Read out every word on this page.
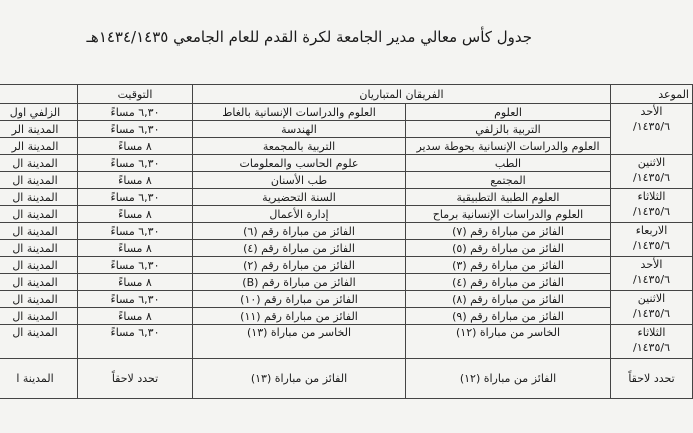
جدول كأس معالي مدير الجامعة لكرة القدم للعام الجامعي ١٤٣٤/١٤٣٥هـ
الموعد	الفريقان المتباريان		التوقيت	

الأحد
١٤٣٥/٦/	العلوم	العلوم والدراسات الإنسانية بالغاط	٦,٣٠ مساءً	الزلفي اول
	التربية بالزلفي	الهندسة	٦,٣٠ مساءً	المدينة الر
	العلوم والدراسات الإنسانية بحوطة سدير	التربية بالمجمعة	٨ مساءً	المدينة الر

الاثنين
١٤٣٥/٦/	الطب	علوم الحاسب والمعلومات	٦,٣٠ مساءً	المدينة ال
	المجتمع	طب الأسنان	٨ مساءً	المدينة ال

الثلاثاء
١٤٣٥/٦/	العلوم الطبية التطبيقية	السنة التحضيرية	٦,٣٠ مساءً	المدينة ال
	العلوم والدراسات الإنسانية برماح	إدارة الأعمال	٨ مساءً	المدينة ال

الاربعاء
١٤٣٥/٦/	الفائز من مباراة رقم (٧)	الفائز من مباراة رقم (٦)	٦,٣٠ مساءً	المدينة ال
	الفائز من مباراة رقم (٥)	الفائز من مباراة رقم (٤)	٨ مساءً	المدينة ال

الأحد
١٤٣٥/٦/	الفائز من مباراة رقم (٣)	الفائز من مباراة رقم (٢)	٦,٣٠ مساءً	المدينة ال
	الفائز من مباراة رقم (٤)	الفائز من مباراة رقم (B)	٨ مساءً	المدينة ال

الاثنين
١٤٣٥/٦/	الفائز من مباراة رقم (٨)	الفائز من مباراة رقم (١٠)	٦,٣٠ مساءً	المدينة ال
	الفائز من مباراة رقم (٩)	الفائز من مباراة رقم (١١)	٨ مساءً	المدينة ال

الثلاثاء
١٤٣٥/٦/	الخاسر من مباراة (١٢)	الخاسر من مباراة (١٣)	٦,٣٠ مساءً	المدينة ال

تحدد لاحقاً	الفائز من مباراة (١٢)	الفائز من مباراة (١٣)	تحدد لاحقاً	المدينة ا
